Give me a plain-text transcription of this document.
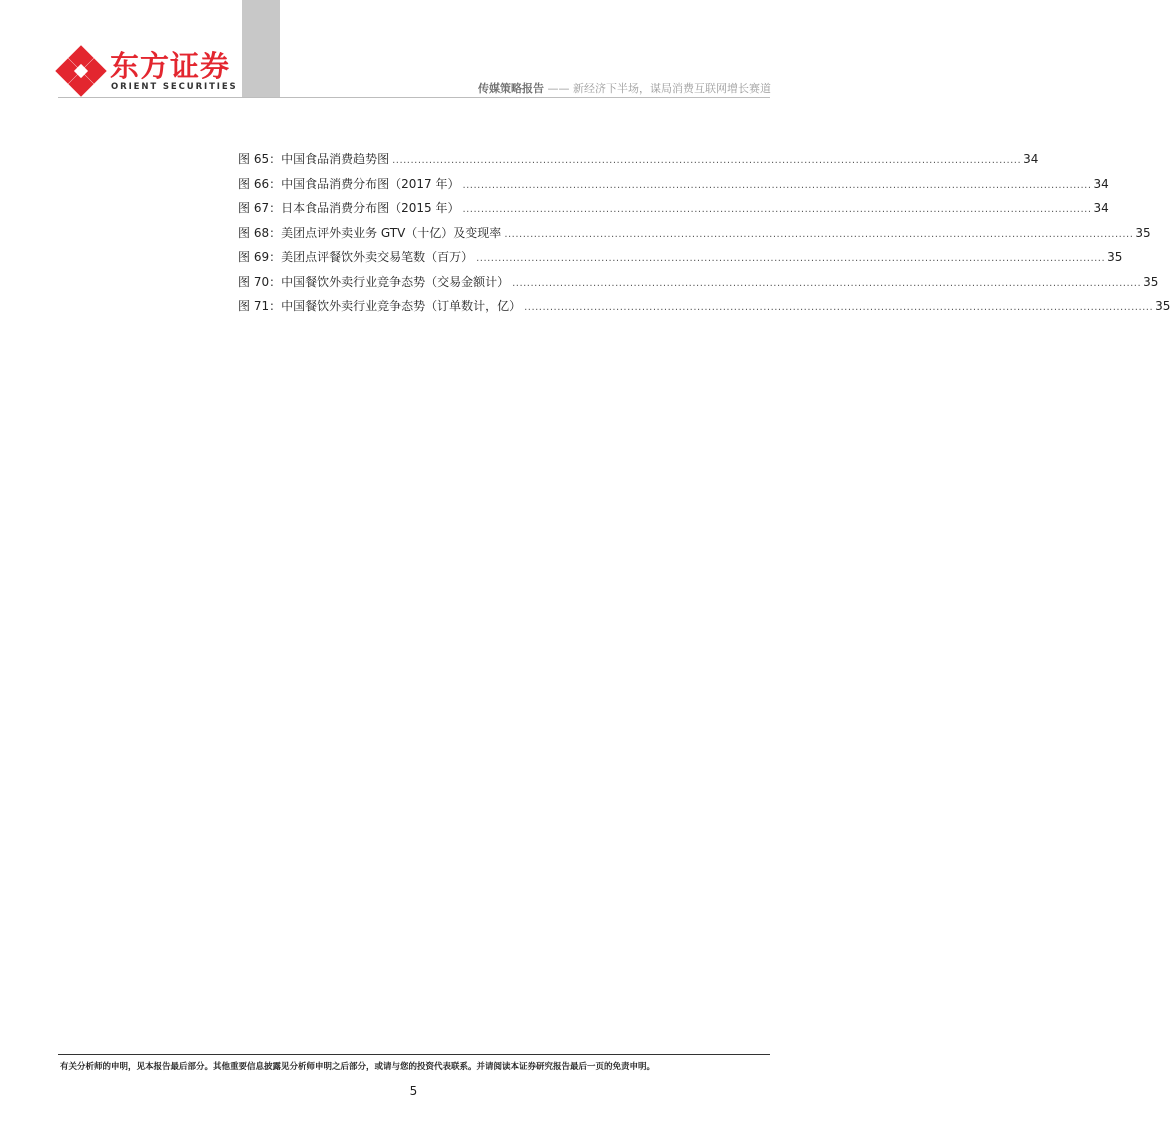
东方证券
ORIENT SECURITIES	传媒策略报告 —— 新经济下半场，谋局消费互联网增长赛道
图 65：中国食品消费趋势图 ........................................................................................................................................................................... 34
图 66：中国食品消费分布图（2017 年） ........................................................................................................................................................................... 34
图 67：日本食品消费分布图（2015 年） ........................................................................................................................................................................... 34
图 68：美团点评外卖业务 GTV（十亿）及变现率 ........................................................................................................................................................................... 35
图 69：美团点评餐饮外卖交易笔数（百万） ........................................................................................................................................................................... 35
图 70：中国餐饮外卖行业竞争态势（交易金额计） ........................................................................................................................................................................... 35
图 71：中国餐饮外卖行业竞争态势（订单数计，亿） ........................................................................................................................................................................... 35
有关分析师的申明，见本报告最后部分。其他重要信息披露见分析师申明之后部分，或请与您的投资代表联系。并请阅读本证券研究报告最后一页的免责申明。
5
